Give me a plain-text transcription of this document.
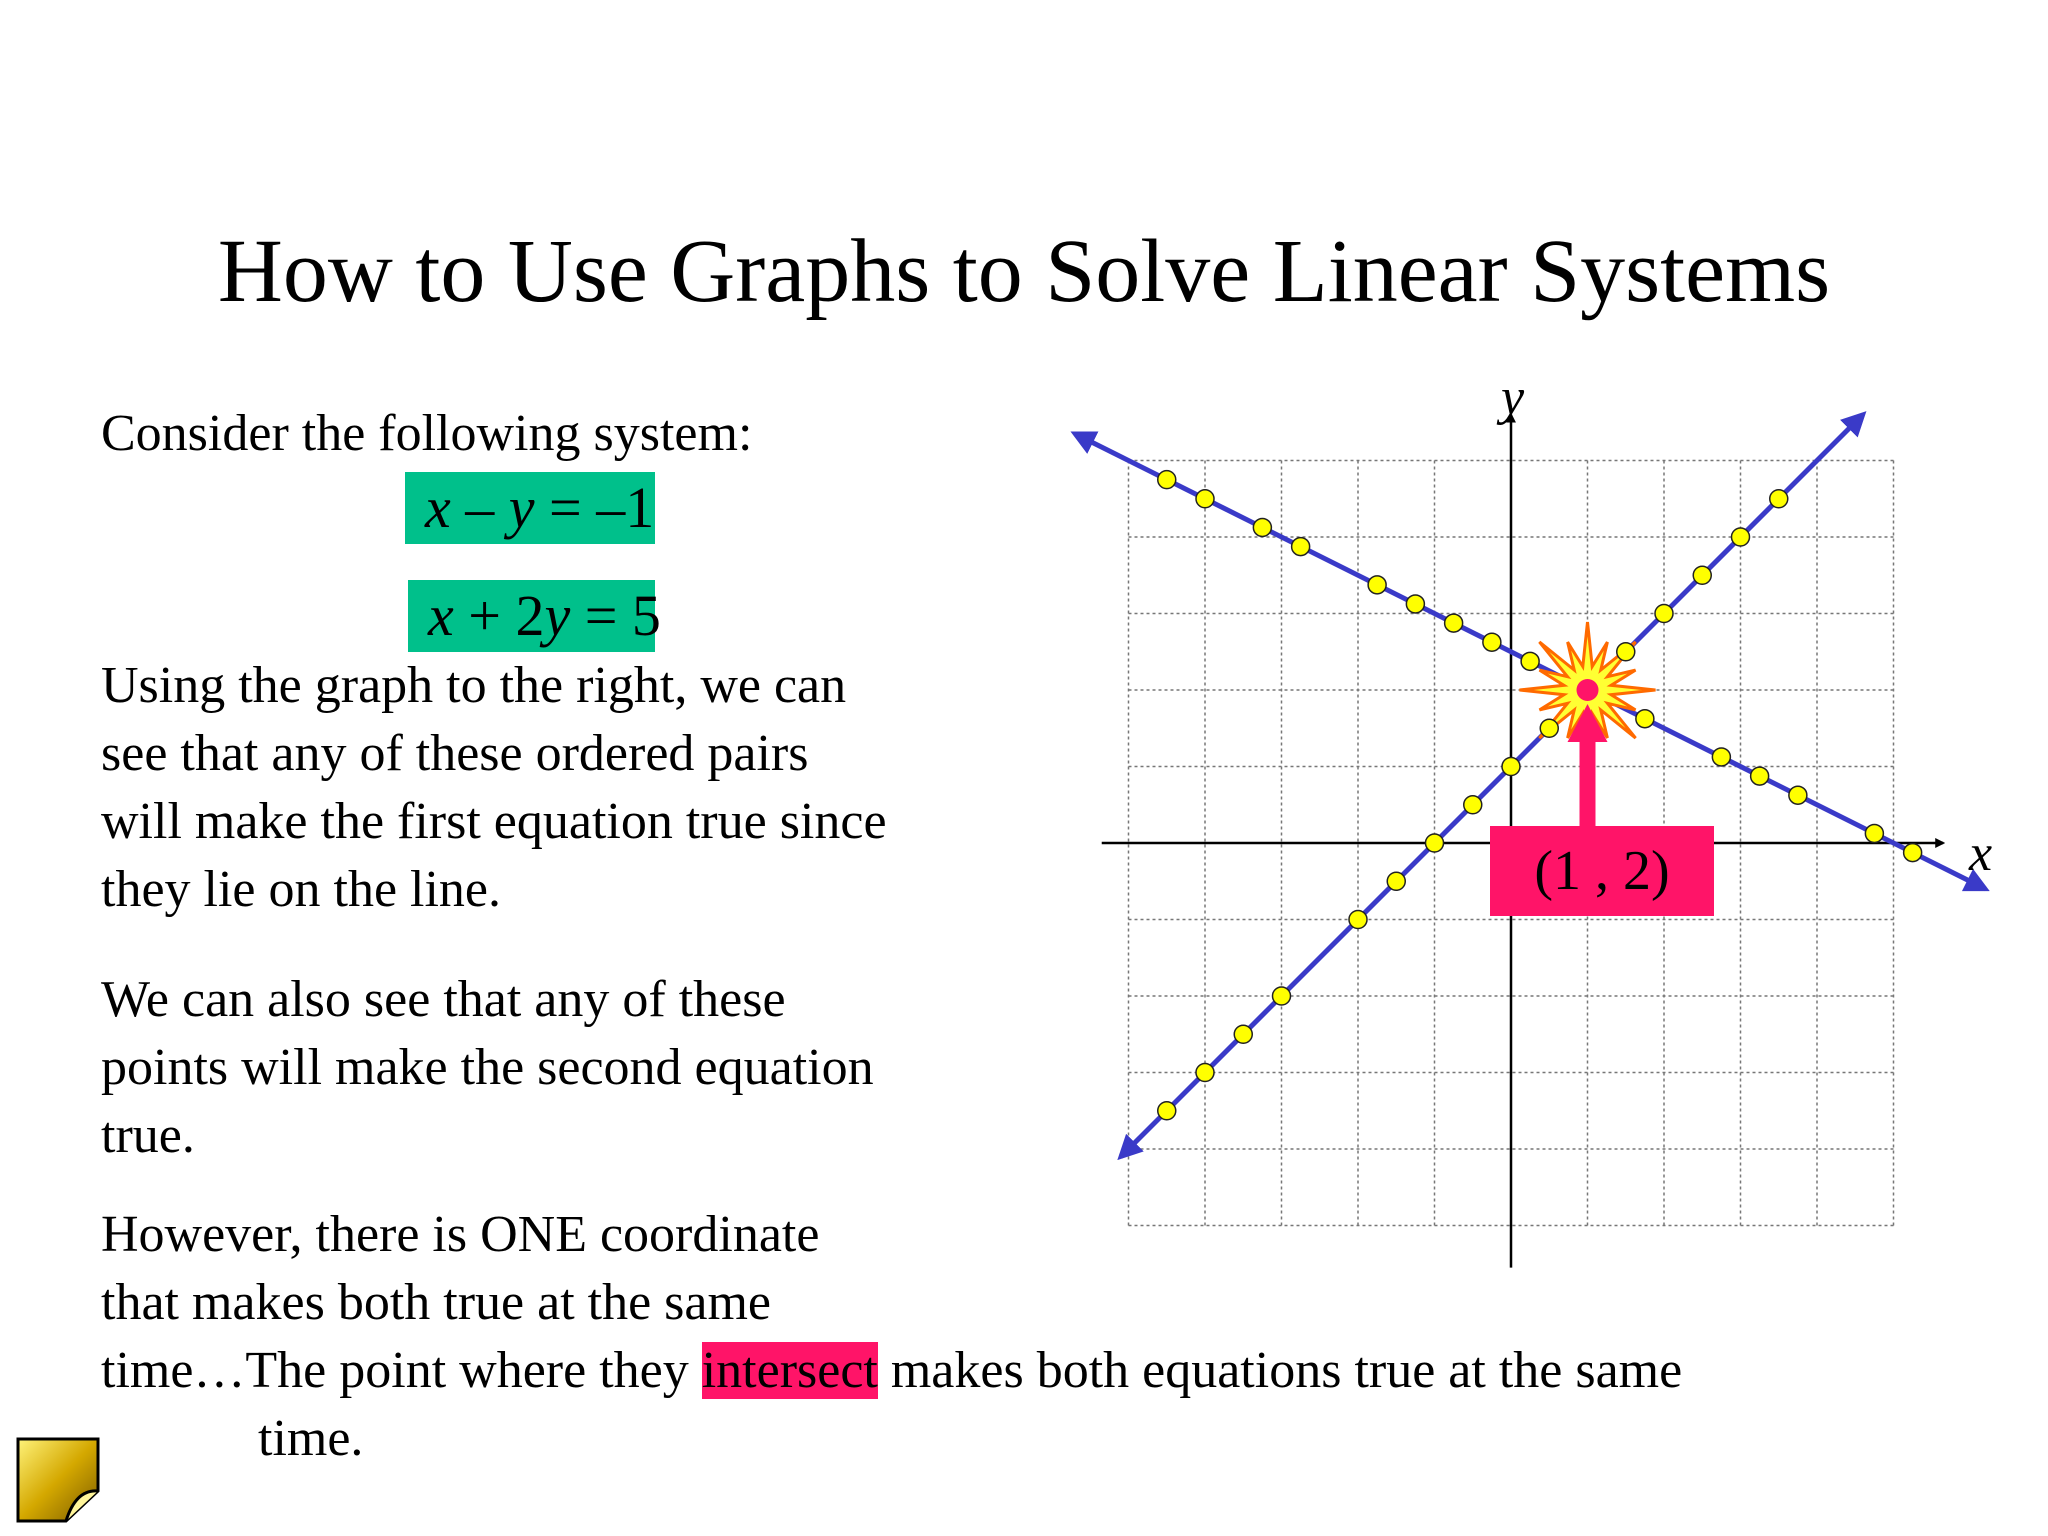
How to Use Graphs to Solve Linear Systems
Consider the following system:
x – y = –1
x + 2y = 5
Using the graph to the right, we can
see that any of these ordered pairs
will make the first equation true since
they lie on the line.
We can also see that any of these
points will make the second equation
true.
However, there is ONE coordinate
that makes both true at the same
time…The point where they intersect makes both equations true at the same
time.
(1 , 2)	x
y
